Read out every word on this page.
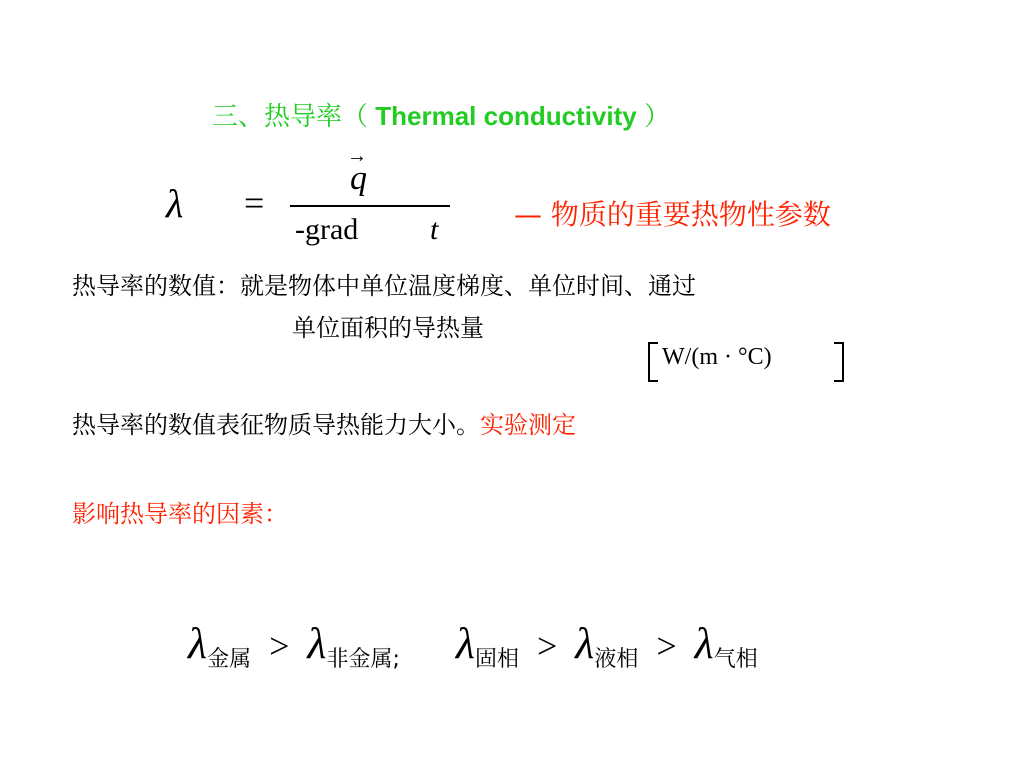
三、热导率（ Thermal conductivity ）
λ =
→
q
-grad t	— 物质的重要热物性参数
热导率的数值：就是物体中单位温度梯度、单位时间、通过
单位面积的导热量
W/(m · °C)
热导率的数值表征物质导热能力大小。实验测定
影响热导率的因素：
λ金属 > λ非金属; λ固相 > λ液相 > λ气相
